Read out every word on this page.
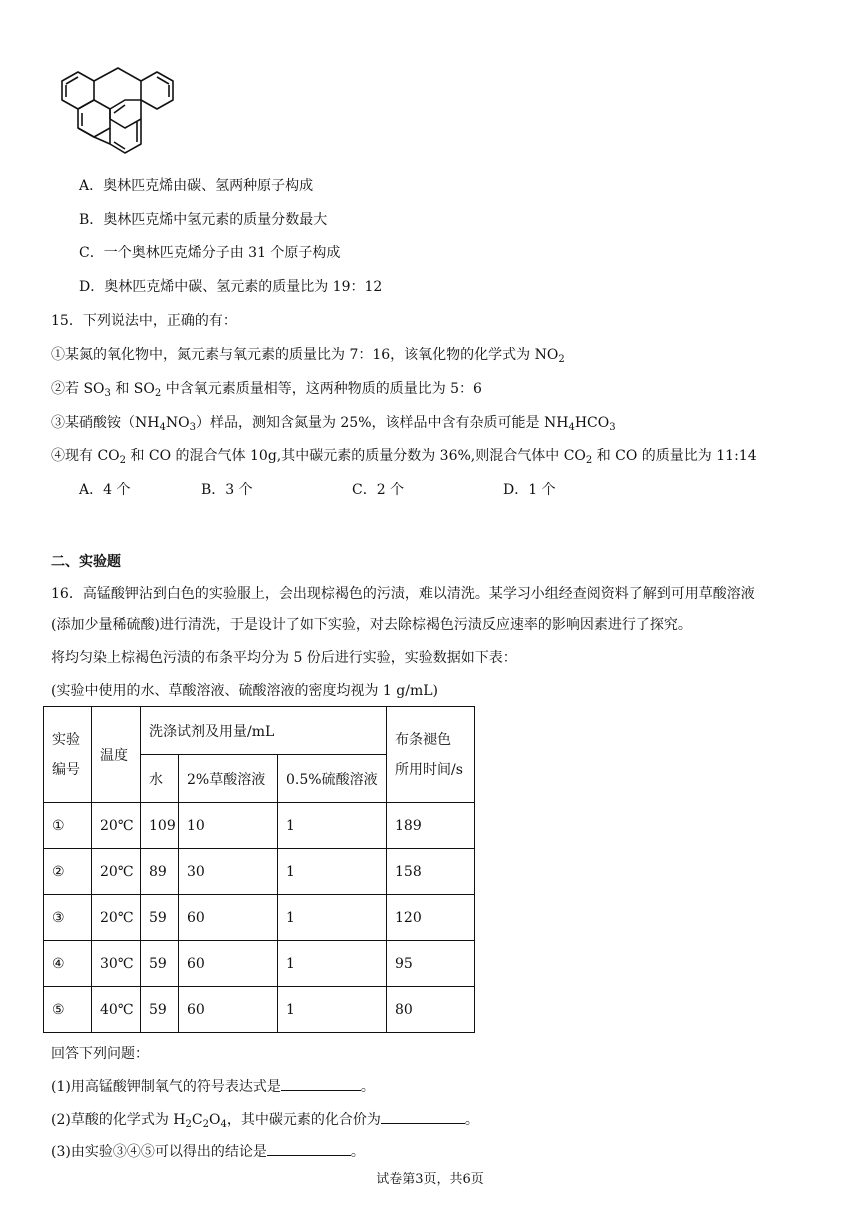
A．奥林匹克烯由碳、氢两种原子构成
B．奥林匹克烯中氢元素的质量分数最大
C．一个奥林匹克烯分子由 31 个原子构成
D．奥林匹克烯中碳、氢元素的质量比为 19：12
15．下列说法中，正确的有：
①某氮的氧化物中，氮元素与氧元素的质量比为 7：16，该氧化物的化学式为 $NO_2$
②若 $SO_3$ 和 $SO_2$ 中含氧元素质量相等，这两种物质的质量比为 5：6
③某硝酸铵$(NH_4NO_3)$样品，测知含氮量为 25%，该样品中含有杂质可能是 $NH_4HCO_3$
④现有 $CO_2$ 和 CO 的混合气体 10g,其中碳元素的质量分数为 36%,则混合气体中 $CO_2$ 和 CO 的质量比为 11:14
A．4 个	B．3 个	C．2 个	D．1 个
二、实验题
16．高锰酸钾沾到白色的实验服上，会出现棕褐色的污渍，难以清洗。某学习小组经查阅资料了解到可用草酸溶液
(添加少量稀硫酸)进行清洗，于是设计了如下实验，对去除棕褐色污渍反应速率的影响因素进行了探究。
将均匀染上棕褐色污渍的布条平均分为 5 份后进行实验，实验数据如下表：
(实验中使用的水、草酸溶液、硫酸溶液的密度均视为 1 g/mL)
实验
编号	温度	洗涤试剂及用量/mL			布条褪色
所用时间/s
		水	2%草酸溶液	0.5%硫酸溶液	
①	20℃	109	10	1	189
②	20℃	89	30	1	158
③	20℃	59	60	1	120
④	30℃	59	60	1	95
⑤	40℃	59	60	1	80
回答下列问题：
(1)用高锰酸钾制氧气的符号表达式是	。
(2)草酸的化学式为 $H_2C_2O_4$，其中碳元素的化合价为	。
(3)由实验③④⑤可以得出的结论是	。
试卷第3页，共6页
